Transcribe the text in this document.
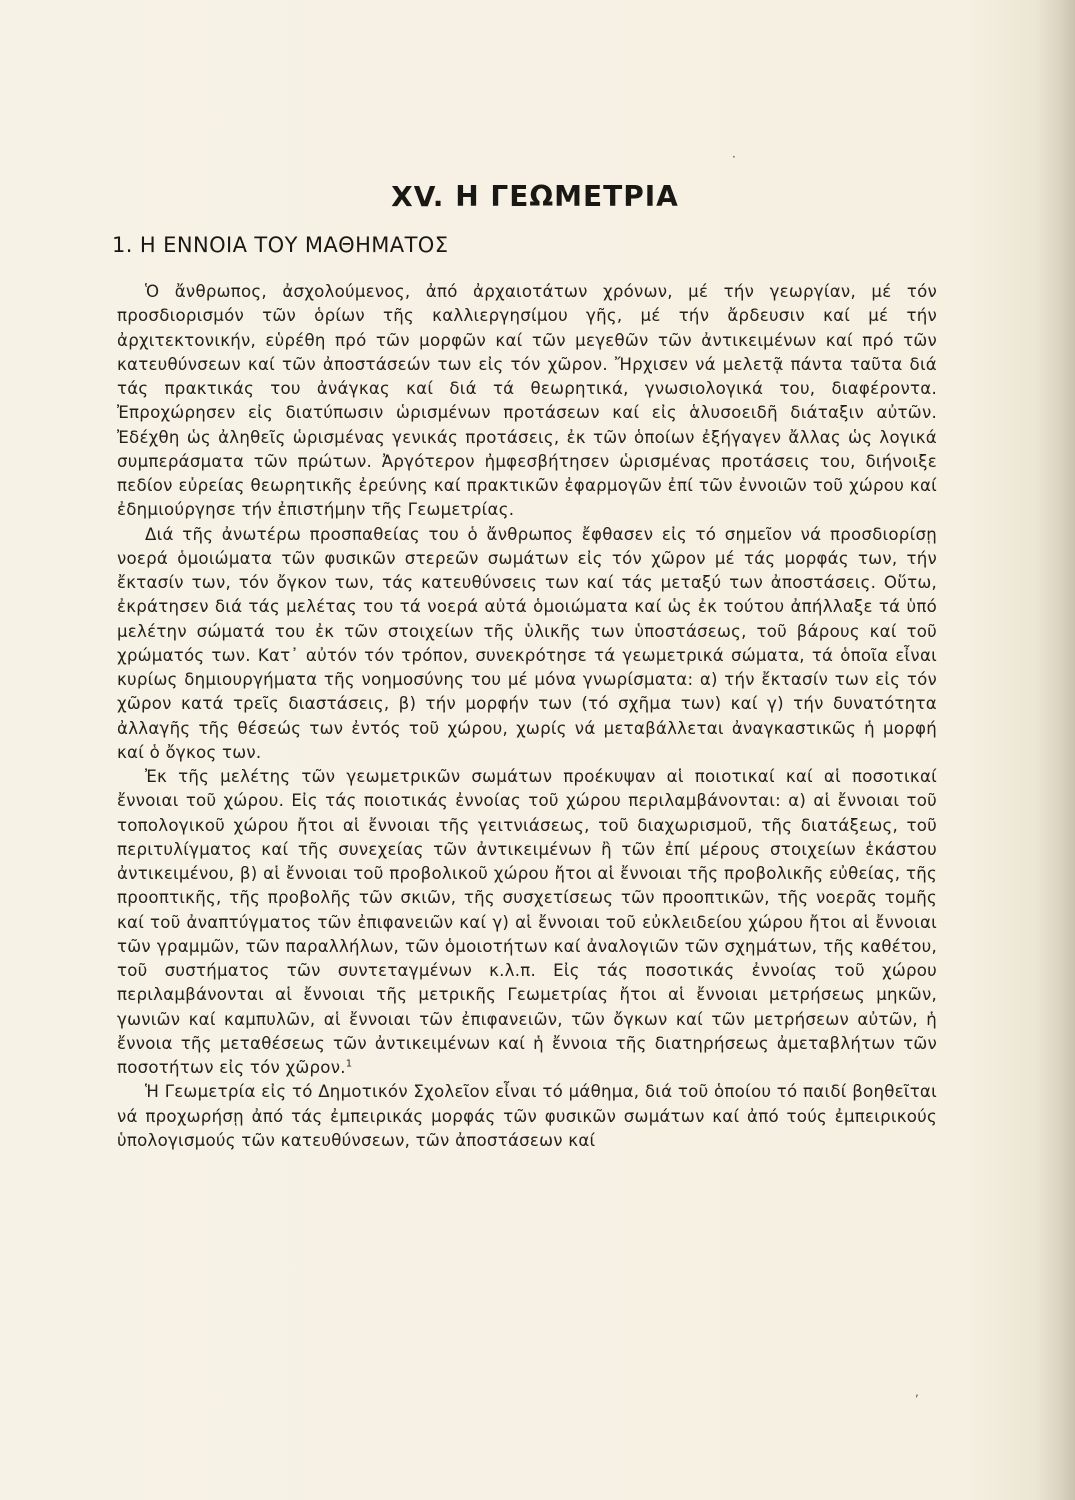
·
,
XV. Η ΓΕΩΜΕΤΡΙΑ
1. Η ΕΝΝΟΙΑ ΤΟΥ ΜΑΘΗΜΑΤΟΣ

Ὁ ἄνθρωπος, ἀσχολούμενος, ἀπό ἀρχαιοτάτων χρόνων, μέ τήν γεωργίαν, μέ τόν προσδιορισμόν τῶν ὁρίων τῆς καλλιεργησίμου γῆς, μέ τήν ἄρδευσιν καί μέ τήν ἀρχιτεκτονικήν, εὑρέθη πρό τῶν μορφῶν καί τῶν μεγεθῶν τῶν ἀντικειμένων καί πρό τῶν κατευθύνσεων καί τῶν ἀποστάσεών των εἰς τόν χῶρον. Ἤρχισεν νά μελετᾷ πάντα ταῦτα διά τάς πρακτικάς του ἀνάγκας καί διά τά θεωρητικά, γνωσιολογικά του, διαφέροντα. Ἐπροχώρησεν εἰς διατύπωσιν ὡρισμένων προτάσεων καί εἰς ἁλυσοειδῆ διάταξιν αὐτῶν. Ἐδέχθη ὡς ἀληθεῖς ὡρισμένας γενικάς προτάσεις, ἐκ τῶν ὁποίων ἐξήγαγεν ἄλλας ὡς λογικά συμπεράσματα τῶν πρώτων. Ἀργότερον ἠμφεσβήτησεν ὡρισμένας προτάσεις του, διήνοιξε πεδίον εὐρείας θεωρητικῆς ἐρεύνης καί πρακτικῶν ἐφαρμογῶν ἐπί τῶν ἐννοιῶν τοῦ χώρου καί ἐδημιούργησε τήν ἐπιστήμην τῆς Γεωμετρίας.

Διά τῆς ἀνωτέρω προσπαθείας του ὁ ἄνθρωπος ἔφθασεν εἰς τό σημεῖον νά προσδιορίσῃ νοερά ὁμοιώματα τῶν φυσικῶν στερεῶν σωμάτων εἰς τόν χῶρον μέ τάς μορφάς των, τήν ἔκτασίν των, τόν ὄγκον των, τάς κατευθύνσεις των καί τάς μεταξύ των ἀποστάσεις. Οὕτω, ἐκράτησεν διά τάς μελέτας του τά νοερά αὐτά ὁμοιώματα καί ὡς ἐκ τούτου ἀπήλλαξε τά ὑπό μελέτην σώματά του ἐκ τῶν στοιχείων τῆς ὑλικῆς των ὑποστάσεως, τοῦ βάρους καί τοῦ χρώματός των. Κατ᾽ αὐτόν τόν τρόπον, συνεκρότησε τά γεωμετρικά σώματα, τά ὁποῖα εἶναι κυρίως δημιουργήματα τῆς νοημοσύνης του μέ μόνα γνωρίσματα: α) τήν ἔκτασίν των εἰς τόν χῶρον κατά τρεῖς διαστάσεις, β) τήν μορφήν των (τό σχῆμα των) καί γ) τήν δυνατότητα ἀλλαγῆς τῆς θέσεώς των ἐντός τοῦ χώρου, χωρίς νά μεταβάλλεται ἀναγκαστικῶς ἡ μορφή καί ὁ ὄγκος των.

Ἐκ τῆς μελέτης τῶν γεωμετρικῶν σωμάτων προέκυψαν αἱ ποιοτικαί καί αἱ ποσοτικαί ἔννοιαι τοῦ χώρου. Εἰς τάς ποιοτικάς ἐννοίας τοῦ χώρου περιλαμβάνονται: α) αἱ ἔννοιαι τοῦ τοπολογικοῦ χώρου ἤτοι αἱ ἔννοιαι τῆς γειτνιάσεως, τοῦ διαχωρισμοῦ, τῆς διατάξεως, τοῦ περιτυλίγματος καί τῆς συνεχείας τῶν ἀντικειμένων ἢ τῶν ἐπί μέρους στοιχείων ἑκάστου ἀντικειμένου, β) αἱ ἔννοιαι τοῦ προβολικοῦ χώρου ἤτοι αἱ ἔννοιαι τῆς προβολικῆς εὐθείας, τῆς προοπτικῆς, τῆς προβολῆς τῶν σκιῶν, τῆς συσχετίσεως τῶν προοπτικῶν, τῆς νοερᾶς τομῆς καί τοῦ ἀναπτύγματος τῶν ἐπιφανειῶν καί γ) αἱ ἔννοιαι τοῦ εὐκλειδείου χώρου ἤτοι αἱ ἔννοιαι τῶν γραμμῶν, τῶν παραλλήλων, τῶν ὁμοιοτήτων καί ἀναλογιῶν τῶν σχημάτων, τῆς καθέτου, τοῦ συστήματος τῶν συντεταγμένων κ.λ.π. Εἰς τάς ποσοτικάς ἐννοίας τοῦ χώρου περιλαμβάνονται αἱ ἔννοιαι τῆς μετρικῆς Γεωμετρίας ἤτοι αἱ ἔννοιαι μετρήσεως μηκῶν, γωνιῶν καί καμπυλῶν, αἱ ἔννοιαι τῶν ἐπιφανειῶν, τῶν ὄγκων καί τῶν μετρήσεων αὐτῶν, ἡ ἔννοια τῆς μεταθέσεως τῶν ἀντικειμένων καί ἡ ἔννοια τῆς διατηρήσεως ἀμεταβλήτων τῶν ποσοτήτων εἰς τόν χῶρον.$^1$

Ἡ Γεωμετρία εἰς τό Δημοτικόν Σχολεῖον εἶναι τό μάθημα, διά τοῦ ὁποίου τό παιδί βοηθεῖται νά προχωρήσῃ ἀπό τάς ἐμπειρικάς μορφάς τῶν φυσικῶν σωμάτων καί ἀπό τούς ἐμπειρικούς ὑπολογισμούς τῶν κατευθύνσεων, τῶν ἀποστάσεων καί
